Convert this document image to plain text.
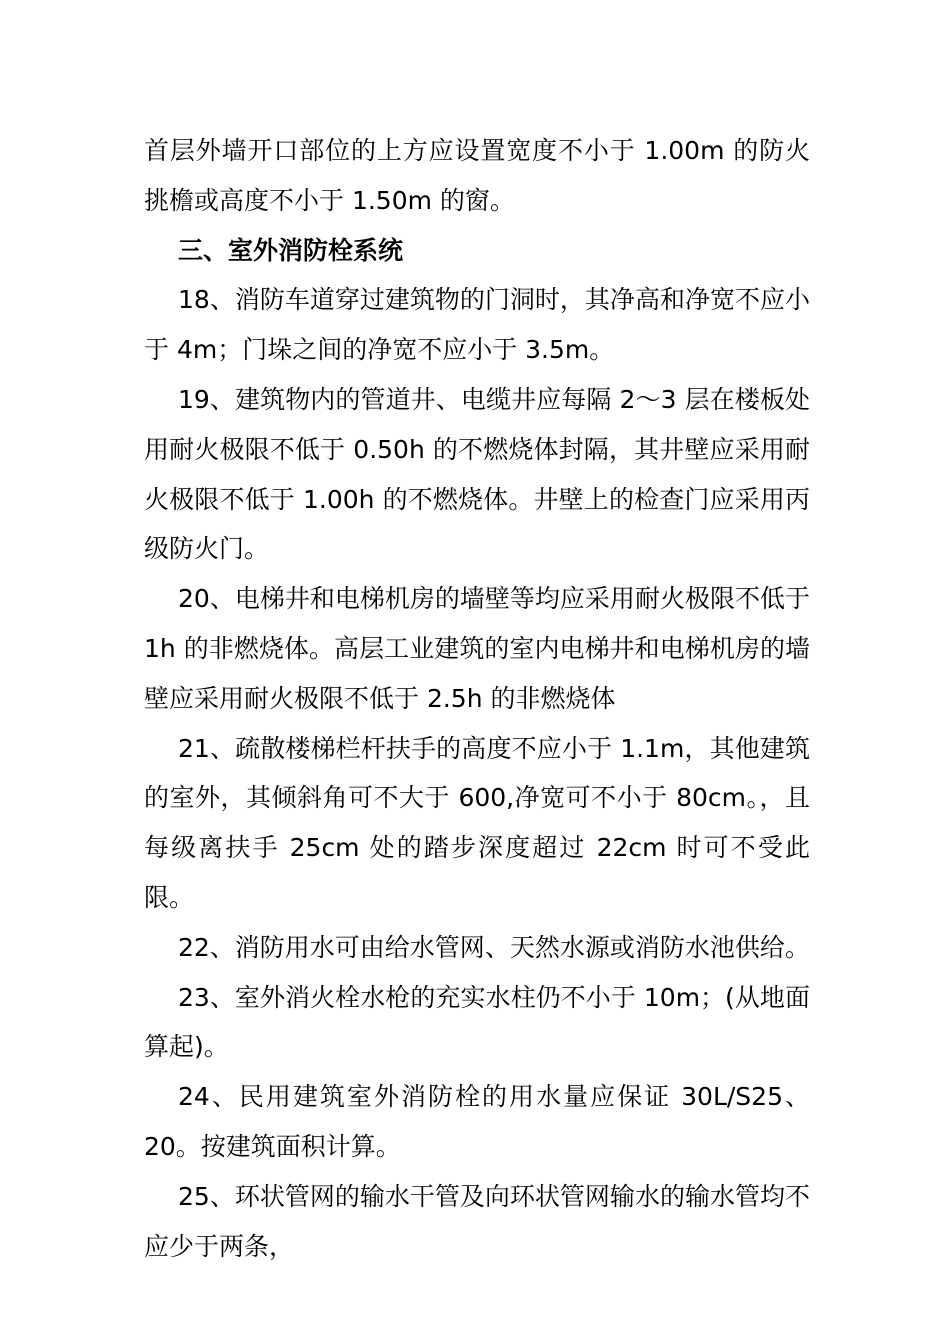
首层外墙开口部位的上方应设置宽度不小于 1.00m 的防火挑檐或高度不小于 1.50m 的窗。

三、室外消防栓系统

18、消防车道穿过建筑物的门洞时，其净高和净宽不应小于 4m；门垛之间的净宽不应小于 3.5m。

19、建筑物内的管道井、电缆井应每隔 2～3 层在楼板处用耐火极限不低于 0.50h 的不燃烧体封隔，其井壁应采用耐火极限不低于 1.00h 的不燃烧体。井壁上的检查门应采用丙级防火门。

20、电梯井和电梯机房的墙壁等均应采用耐火极限不低于 1h 的非燃烧体。高层工业建筑的室内电梯井和电梯机房的墙壁应采用耐火极限不低于 2.5h 的非燃烧体

21、疏散楼梯栏杆扶手的高度不应小于 1.1m，其他建筑的室外，其倾斜角可不大于 600,净宽可不小于 80cm。，且每级离扶手 25cm 处的踏步深度超过 22cm 时可不受此限。

22、消防用水可由给水管网、天然水源或消防水池供给。

23、室外消火栓水枪的充实水柱仍不小于 10m；(从地面算起)。

24、民用建筑室外消防栓的用水量应保证 30L/S25、20。按建筑面积计算。

25、环状管网的输水干管及向环状管网输水的输水管均不应少于两条，
